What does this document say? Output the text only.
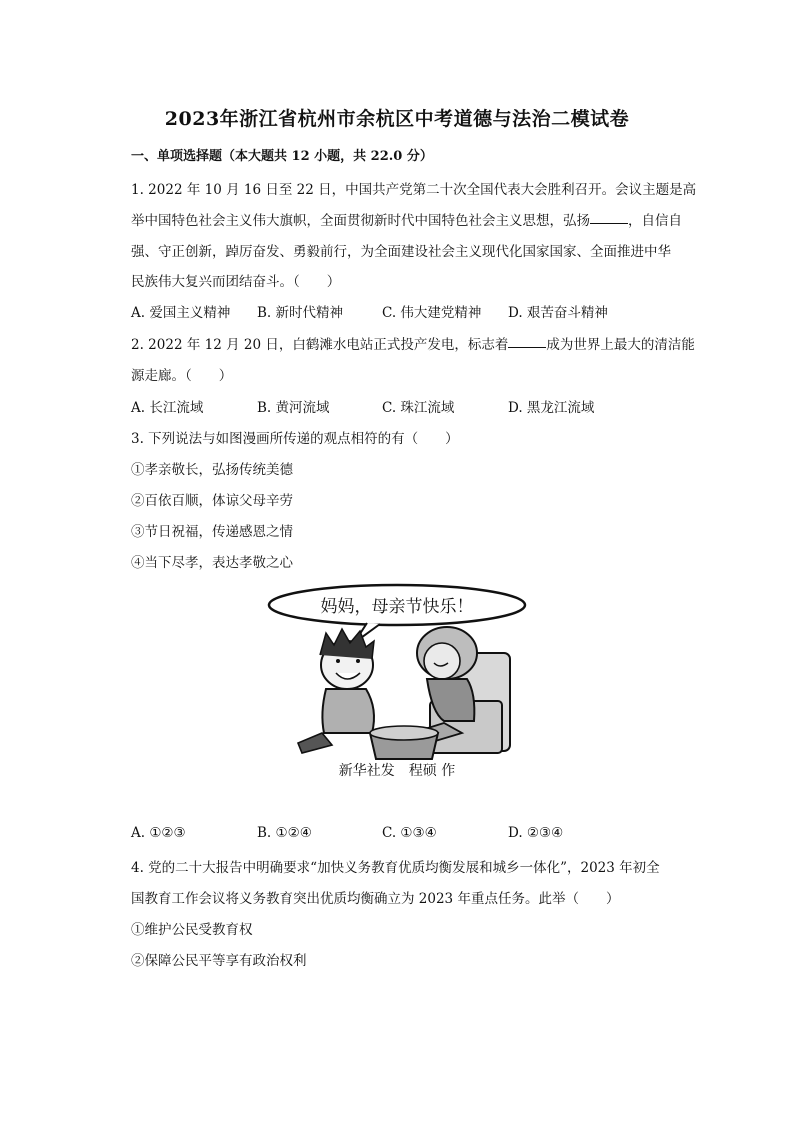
2023年浙江省杭州市余杭区中考道德与法治二模试卷
一、单项选择题（本大题共 12 小题，共 22.0 分）
1. 2022 年 10 月 16 日至 22 日，中国共产党第二十次全国代表大会胜利召开。会议主题是高
举中国特色社会主义伟大旗帜，全面贯彻新时代中国特色社会主义思想，弘扬	，自信自
强、守正创新，踔厉奋发、勇毅前行，为全面建设社会主义现代化国家国家、全面推进中华
民族伟大复兴而团结奋斗。（　　）
A. 爱国主义精神 B. 新时代精神	C. 伟大建党精神 D. 艰苦奋斗精神
2. 2022 年 12 月 20 日，白鹤滩水电站正式投产发电，标志着	成为世界上最大的清洁能
源走廊。（　　）
A. 长江流域	B. 黄河流域	C. 珠江流域	D. 黑龙江流域
3. 下列说法与如图漫画所传递的观点相符的有（　　）
①孝亲敬长，弘扬传统美德
②百依百顺，体谅父母辛劳
③节日祝福，传递感恩之情
④当下尽孝，表达孝敬之心
妈妈，母亲节快乐！
新华社发　程硕 作
A. ①②③	B. ①②④	C. ①③④	D. ②③④
4. 党的二十大报告中明确要求“加快义务教育优质均衡发展和城乡一体化”，2023 年初全
国教育工作会议将义务教育突出优质均衡确立为 2023 年重点任务。此举（　　）
①维护公民受教育权
②保障公民平等享有政治权利
